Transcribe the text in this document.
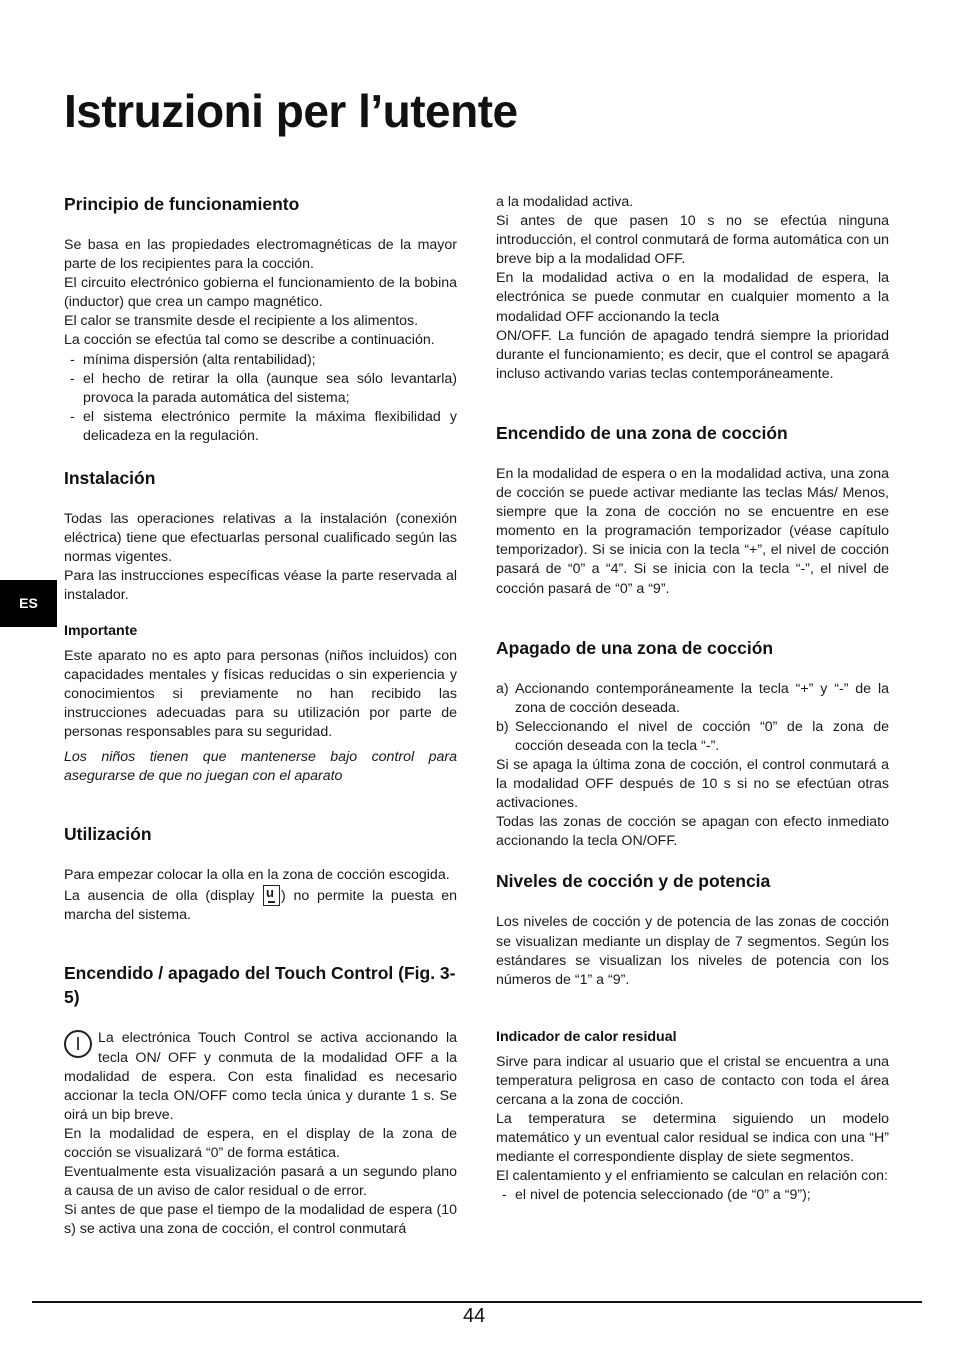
Istruzioni per l’utente
ES
Principio de funcionamiento

Se basa en las propiedades electromagnéticas de la mayor parte de los recipientes para la cocción.

El circuito electrónico gobierna el funcionamiento de la bobina (inductor) que crea un campo magnético.

El calor se transmite desde el recipiente a los alimentos.

La cocción se efectúa tal como se describe a continuación.

- mínima dispersión (alta rentabilidad);
- el hecho de retirar la olla (aunque sea sólo levantarla) provoca la parada automática del sistema;
- el sistema electrónico permite la máxima flexibilidad y delicadeza en la regulación.
Instalación

Todas las operaciones relativas a la instalación (conexión eléctrica) tiene que efectuarlas personal cualificado según las normas vigentes.

Para las instrucciones específicas véase la parte reservada al instalador.

Importante

Este aparato no es apto para personas (niños incluidos) con capacidades mentales y físicas reducidas o sin experiencia y conocimientos si previamente no han recibido las instrucciones adecuadas para su utilización por parte de personas responsables para su seguridad.

Los niños tienen que mantenerse bajo control para asegurarse de que no juegan con el aparato

Utilización

Para empezar colocar la olla en la zona de cocción escogida.

La ausencia de olla (display u ) no permite la puesta en marcha del sistema.

Encendido / apagado del Touch Control (Fig. 3-5)

I	La electrónica Touch Control se activa accionando la tecla ON/ OFF y conmuta de la modalidad OFF a la modalidad de espera. Con esta finalidad es necesario accionar la tecla ON/OFF como tecla única y durante 1 s. Se oirá un bip breve.

En la modalidad de espera, en el display de la zona de cocción se visualizará “0” de forma estática.

Eventualmente esta visualización pasará a un segundo plano a causa de un aviso de calor residual o de error.

Si antes de que pase el tiempo de la modalidad de espera (10 s) se activa una zona de cocción, el control conmutará

a la modalidad activa.

Si antes de que pasen 10 s no se efectúa ninguna introducción, el control conmutará de forma automática con un breve bip a la modalidad OFF.

En la modalidad activa o en la modalidad de espera, la electrónica se puede conmutar en cualquier momento a la modalidad OFF accionando la tecla

ON/OFF. La función de apagado tendrá siempre la prioridad durante el funcionamiento; es decir, que el control se apagará incluso activando varias teclas contemporáneamente.

Encendido de una zona de cocción

En la modalidad de espera o en la modalidad activa, una zona de cocción se puede activar mediante las teclas Más/ Menos, siempre que la zona de cocción no se encuentre en ese momento en la programación temporizador (véase capítulo temporizador). Si se inicia con la tecla “+”, el nivel de cocción pasará de “0” a “4”. Si se inicia con la tecla “-”, el nivel de cocción pasará de “0” a “9”.

Apagado de una zona de cocción
a) Accionando contemporáneamente la tecla “+” y “-” de la zona de cocción deseada.
b) Seleccionando el nivel de cocción “0” de la zona de cocción deseada con la tecla “-”.

Si se apaga la última zona de cocción, el control conmutará a la modalidad OFF después de 10 s si no se efectúan otras activaciones.

Todas las zonas de cocción se apagan con efecto inmediato accionando la tecla ON/OFF.

Niveles de cocción y de potencia

Los niveles de cocción y de potencia de las zonas de cocción se visualizan mediante un display de 7 segmentos. Según los estándares se visualizan los niveles de potencia con los números de “1” a “9”.

Indicador de calor residual

Sirve para indicar al usuario que el cristal se encuentra a una temperatura peligrosa en caso de contacto con toda el área cercana a la zona de cocción.

La temperatura se determina siguiendo un modelo matemático y un eventual calor residual se indica con una “H” mediante el correspondiente display de siete segmentos.

El calentamiento y el enfriamiento se calculan en relación con:

- el nivel de potencia seleccionado (de “0” a “9”);
44
